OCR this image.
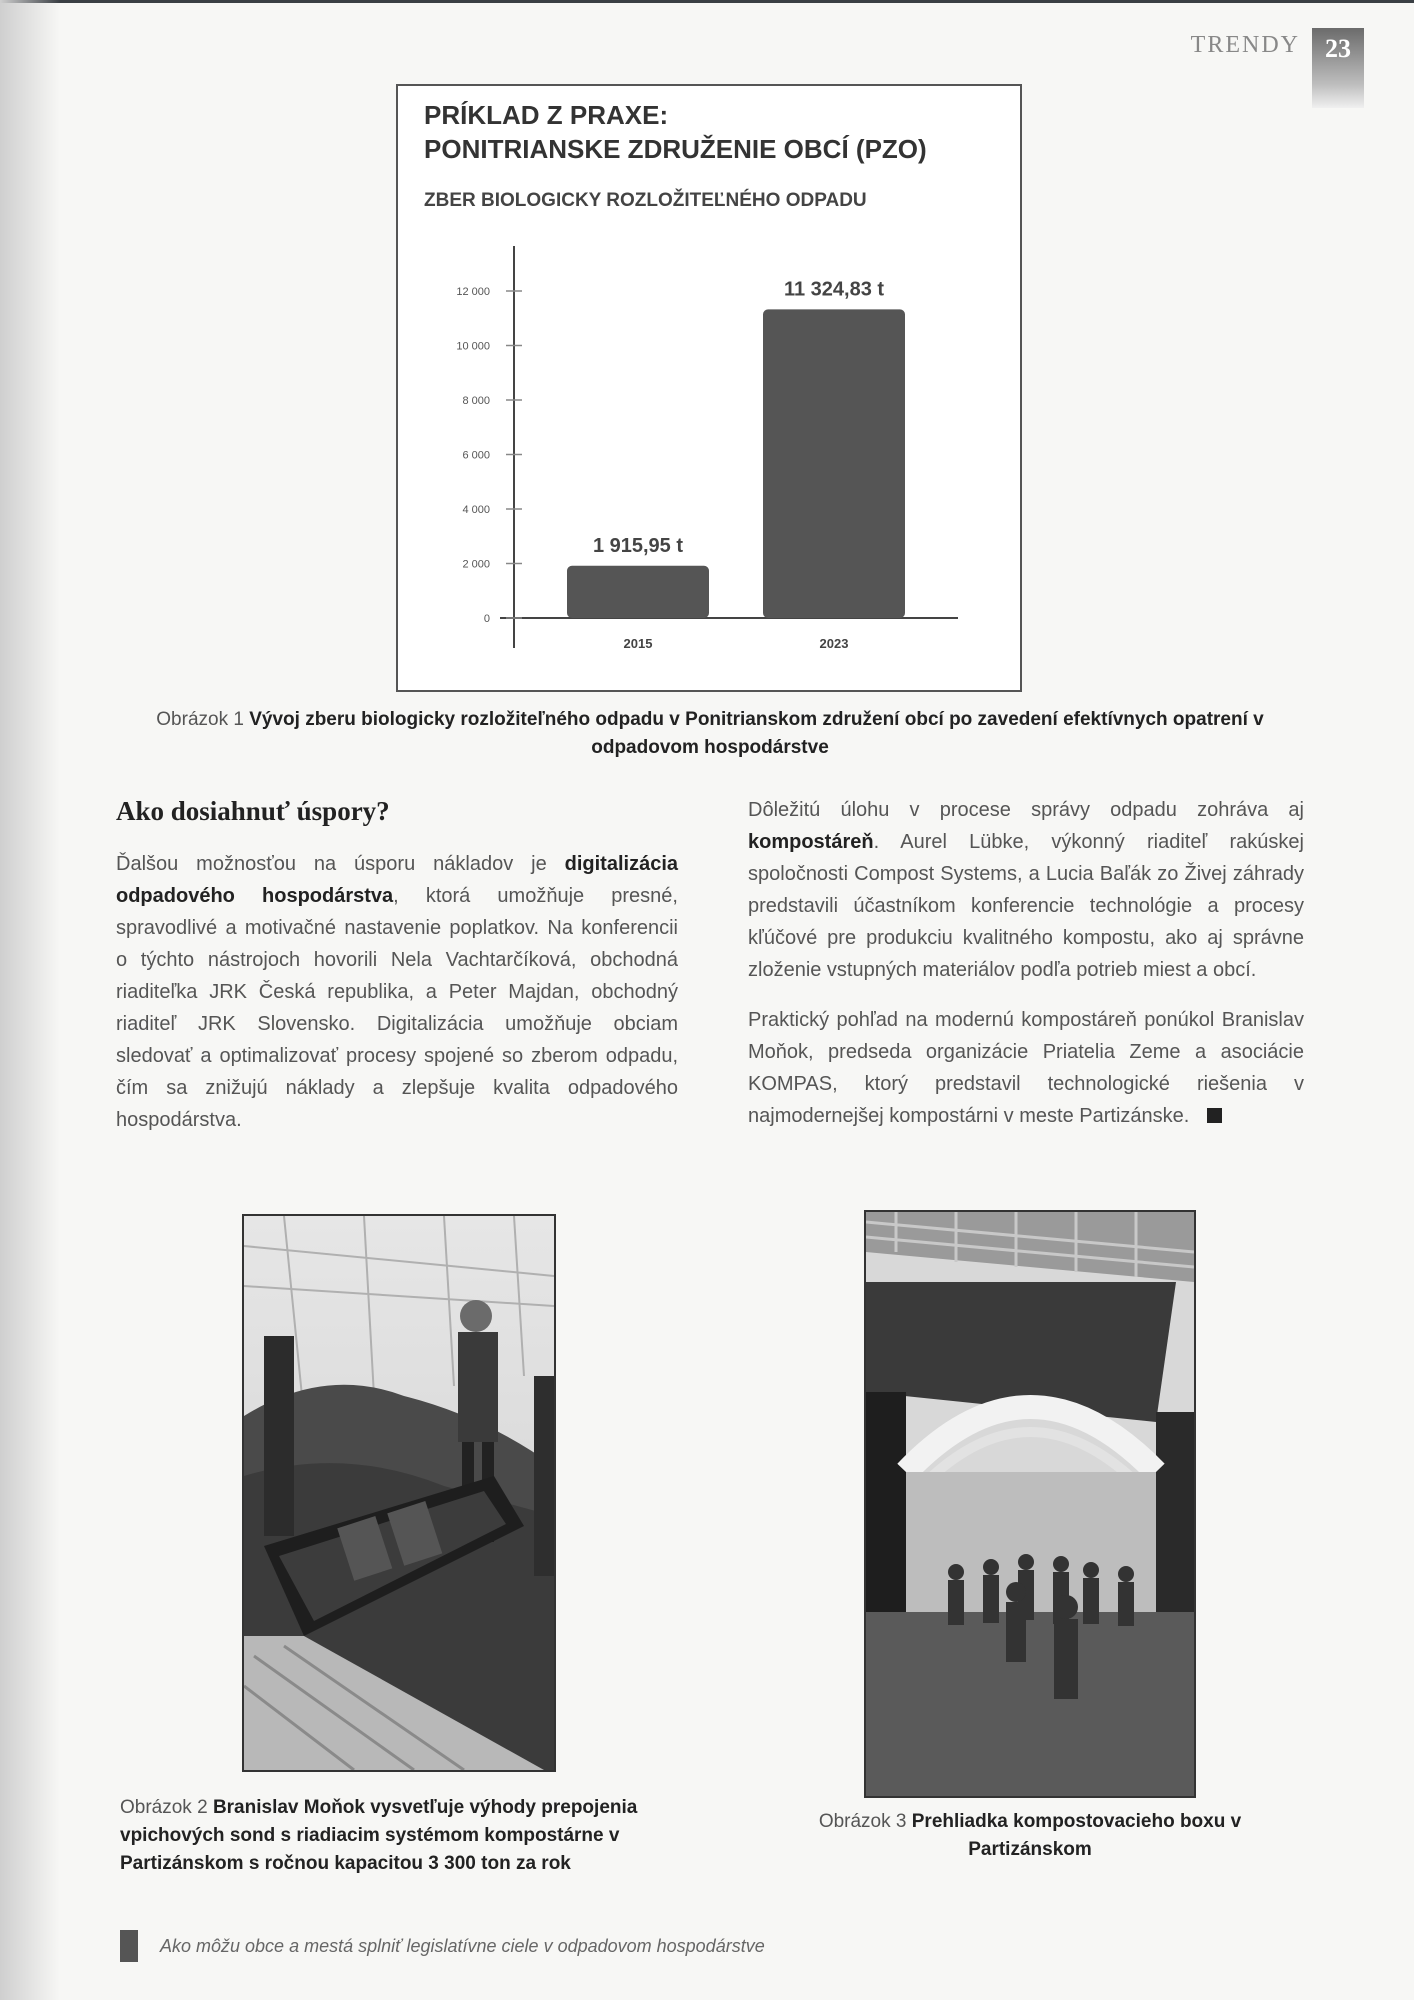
TRENDY 23
PRÍKLAD Z PRAXE:
PONITRIANSKE ZDRUŽENIE OBCÍ (PZO)
ZBER BIOLOGICKY ROZLOŽITEĽNÉHO ODPADU
0
2 000
4 000
6 000
8 000
10 000
12 000
1 915,95 t
2015
11 324,83 t
2023
Obrázok 1 Vývoj zberu biologicky rozložiteľného odpadu v Ponitrianskom združení obcí po zavedení efektívnych opatrení v odpadovom hospodárstve
Ako dosiahnuť úspory?

Ďalšou možnosťou na úsporu nákladov je digitalizácia odpadového hospodárstva, ktorá umožňuje presné, spravodlivé a motivačné nastavenie poplatkov. Na konferencii o týchto nástrojoch hovorili Nela Vachtarčíková, obchodná riaditeľka JRK Česká republika, a Peter Majdan, obchodný riaditeľ JRK Slovensko. Digitalizácia umožňuje obciam sledovať a optimalizovať procesy spojené so zberom odpadu, čím sa znižujú náklady a zlepšuje kvalita odpadového hospodárstva.

Dôležitú úlohu v procese správy odpadu zohráva aj kompostáreň. Aurel Lübke, výkonný riaditeľ rakúskej spoločnosti Compost Systems, a Lucia Baľák zo Živej záhrady predstavili účastníkom konferencie technológie a procesy kľúčové pre produkciu kvalitného kompostu, ako aj správne zloženie vstupných materiálov podľa potrieb miest a obcí.

Praktický pohľad na modernú kompostáreň ponúkol Branislav Moňok, predseda organizácie Priatelia Zeme a asociácie KOMPAS, ktorý predstavil technologické riešenia v najmodernejšej kompostárni v meste Partizánske.

Obrázok 2 Branislav Moňok vysvetľuje výhody prepojenia vpichových sond s riadiacim systémom kompostárne v Partizánskom s ročnou kapacitou 3 300 ton za rok
Obrázok 3 Prehliadka kompostovacieho boxu v Partizánskom
Ako môžu obce a mestá splniť legislatívne ciele v odpadovom hospodárstve
